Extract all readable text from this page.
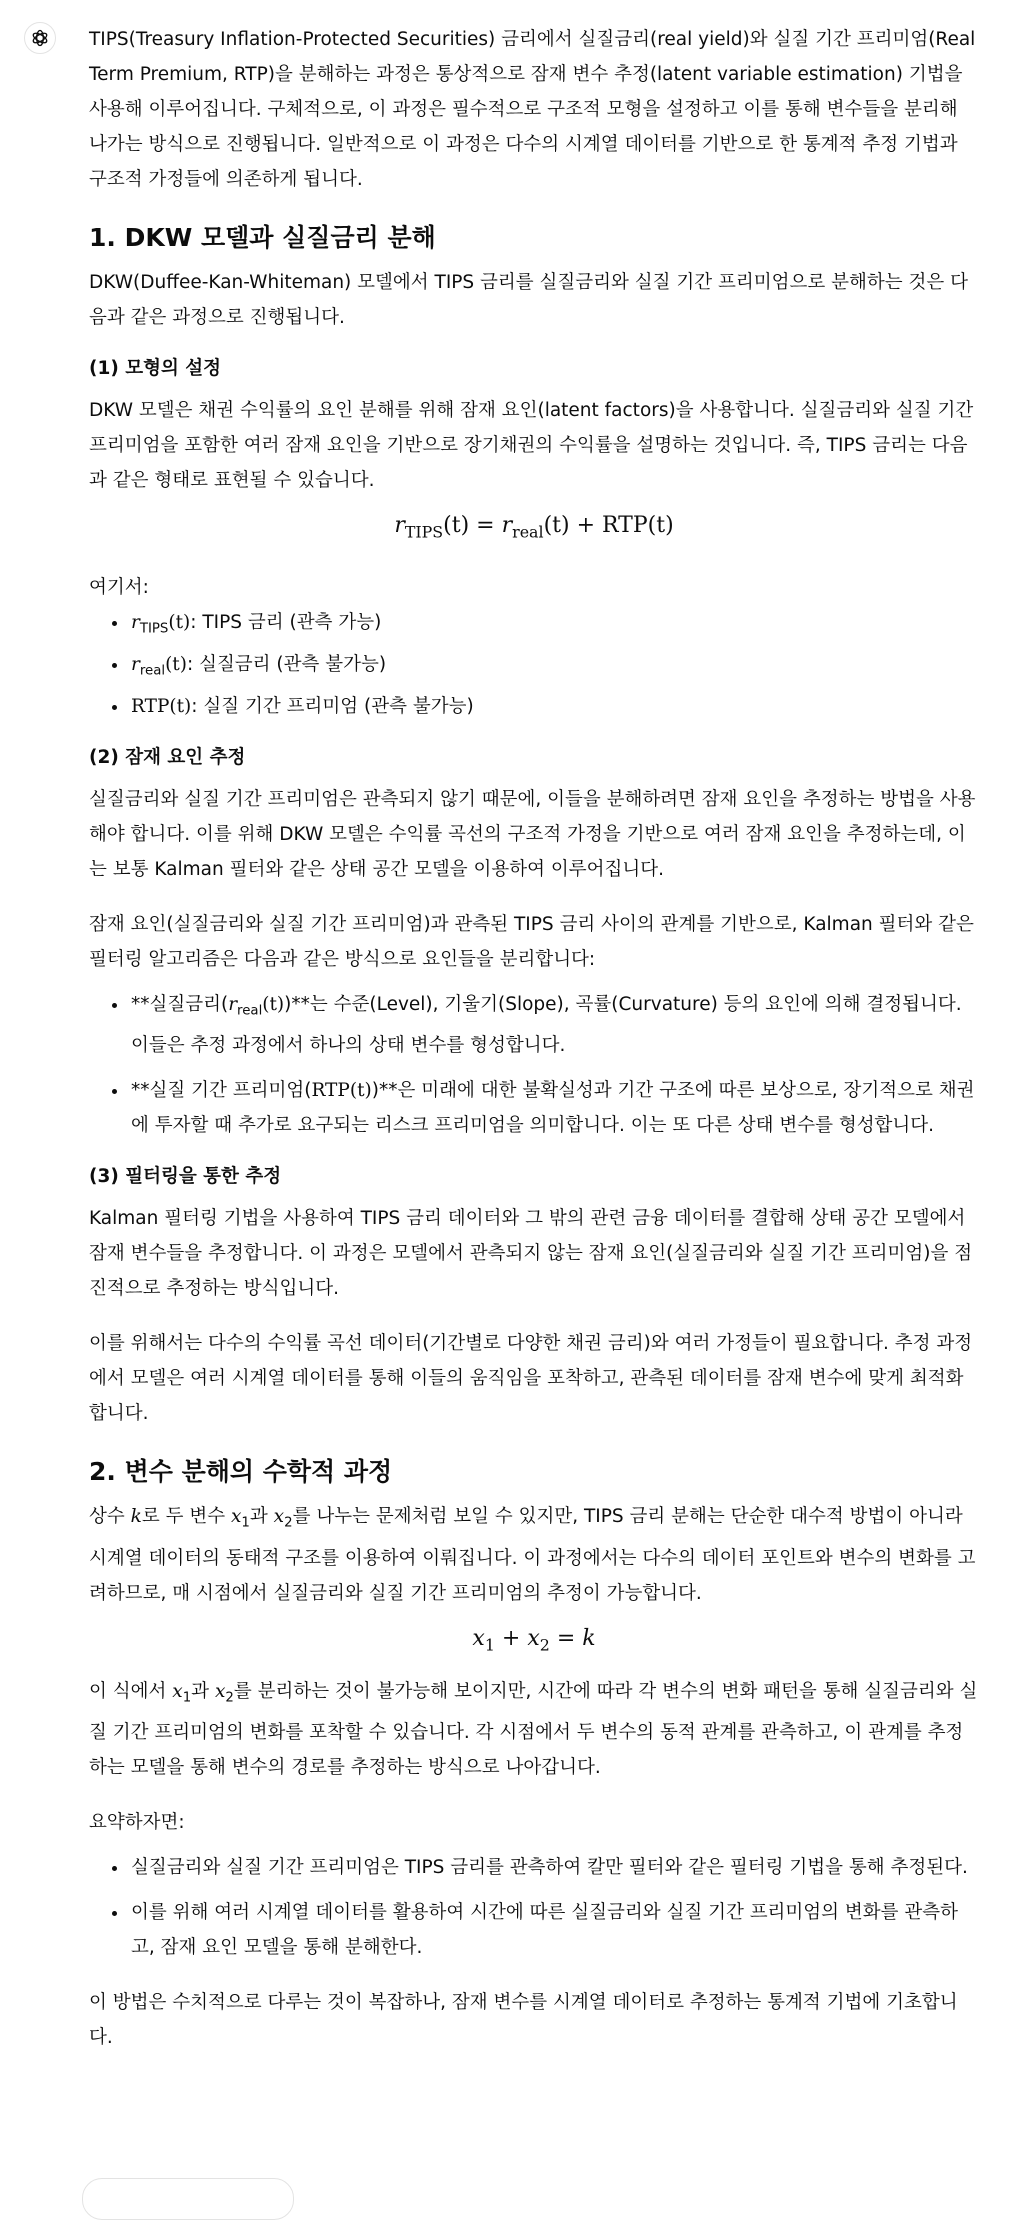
TIPS(Treasury Inflation-Protected Securities) 금리에서 실질금리(real yield)와 실질 기간 프리미엄(Real Term Premium, RTP)을 분해하는 과정은 통상적으로 잠재 변수 추정(latent variable estimation) 기법을 사용해 이루어집니다. 구체적으로, 이 과정은 필수적으로 구조적 모형을 설정하고 이를 통해 변수들을 분리해 나가는 방식으로 진행됩니다. 일반적으로 이 과정은 다수의 시계열 데이터를 기반으로 한 통계적 추정 기법과 구조적 가정들에 의존하게 됩니다.

1. DKW 모델과 실질금리 분해

DKW(Duffee-Kan-Whiteman) 모델에서 TIPS 금리를 실질금리와 실질 기간 프리미엄으로 분해하는 것은 다음과 같은 과정으로 진행됩니다.

(1) 모형의 설정

DKW 모델은 채권 수익률의 요인 분해를 위해 잠재 요인(latent factors)을 사용합니다. 실질금리와 실질 기간 프리미엄을 포함한 여러 잠재 요인을 기반으로 장기채권의 수익률을 설명하는 것입니다. 즉, TIPS 금리는 다음과 같은 형태로 표현될 수 있습니다.

$r_{TIPS}(t) = r_{real}(t) + RTP(t)$

여기서:

• $r_{TIPS}(t)$: TIPS 금리 (관측 가능)
• $r_{real}(t)$: 실질금리 (관측 불가능)
• RTP(t): 실질 기간 프리미엄 (관측 불가능)
(2) 잠재 요인 추정

실질금리와 실질 기간 프리미엄은 관측되지 않기 때문에, 이들을 분해하려면 잠재 요인을 추정하는 방법을 사용해야 합니다. 이를 위해 DKW 모델은 수익률 곡선의 구조적 가정을 기반으로 여러 잠재 요인을 추정하는데, 이는 보통 Kalman 필터와 같은 상태 공간 모델을 이용하여 이루어집니다.

잠재 요인(실질금리와 실질 기간 프리미엄)과 관측된 TIPS 금리 사이의 관계를 기반으로, Kalman 필터와 같은 필터링 알고리즘은 다음과 같은 방식으로 요인들을 분리합니다:

• **실질금리$(r_{real}(t))**$는 수준(Level), 기울기(Slope), 곡률(Curvature) 등의 요인에 의해 결정됩니다. 이들은 추정 과정에서 하나의 상태 변수를 형성합니다.
• **실질 기간 프리미엄(RTP(t))**은 미래에 대한 불확실성과 기간 구조에 따른 보상으로, 장기적으로 채권에 투자할 때 추가로 요구되는 리스크 프리미엄을 의미합니다. 이는 또 다른 상태 변수를 형성합니다.
(3) 필터링을 통한 추정

Kalman 필터링 기법을 사용하여 TIPS 금리 데이터와 그 밖의 관련 금융 데이터를 결합해 상태 공간 모델에서 잠재 변수들을 추정합니다. 이 과정은 모델에서 관측되지 않는 잠재 요인(실질금리와 실질 기간 프리미엄)을 점진적으로 추정하는 방식입니다.

이를 위해서는 다수의 수익률 곡선 데이터(기간별로 다양한 채권 금리)와 여러 가정들이 필요합니다. 추정 과정에서 모델은 여러 시계열 데이터를 통해 이들의 움직임을 포착하고, 관측된 데이터를 잠재 변수에 맞게 최적화합니다.

2. 변수 분해의 수학적 과정

상수 k로 두 변수 $x_1$과 $x_2$를 나누는 문제처럼 보일 수 있지만, TIPS 금리 분해는 단순한 대수적 방법이 아니라 시계열 데이터의 동태적 구조를 이용하여 이뤄집니다. 이 과정에서는 다수의 데이터 포인트와 변수의 변화를 고려하므로, 매 시점에서 실질금리와 실질 기간 프리미엄의 추정이 가능합니다.

$x_1 + x_2 = k$

이 식에서 $x_1$과 $x_2$를 분리하는 것이 불가능해 보이지만, 시간에 따라 각 변수의 변화 패턴을 통해 실질금리와 실질 기간 프리미엄의 변화를 포착할 수 있습니다. 각 시점에서 두 변수의 동적 관계를 관측하고, 이 관계를 추정하는 모델을 통해 변수의 경로를 추정하는 방식으로 나아갑니다.

요약하자면:

• 실질금리와 실질 기간 프리미엄은 TIPS 금리를 관측하여 칼만 필터와 같은 필터링 기법을 통해 추정된다.
• 이를 위해 여러 시계열 데이터를 활용하여 시간에 따른 실질금리와 실질 기간 프리미엄의 변화를 관측하고, 잠재 요인 모델을 통해 분해한다.

이 방법은 수치적으로 다루는 것이 복잡하나, 잠재 변수를 시계열 데이터로 추정하는 통계적 기법에 기초합니다.
